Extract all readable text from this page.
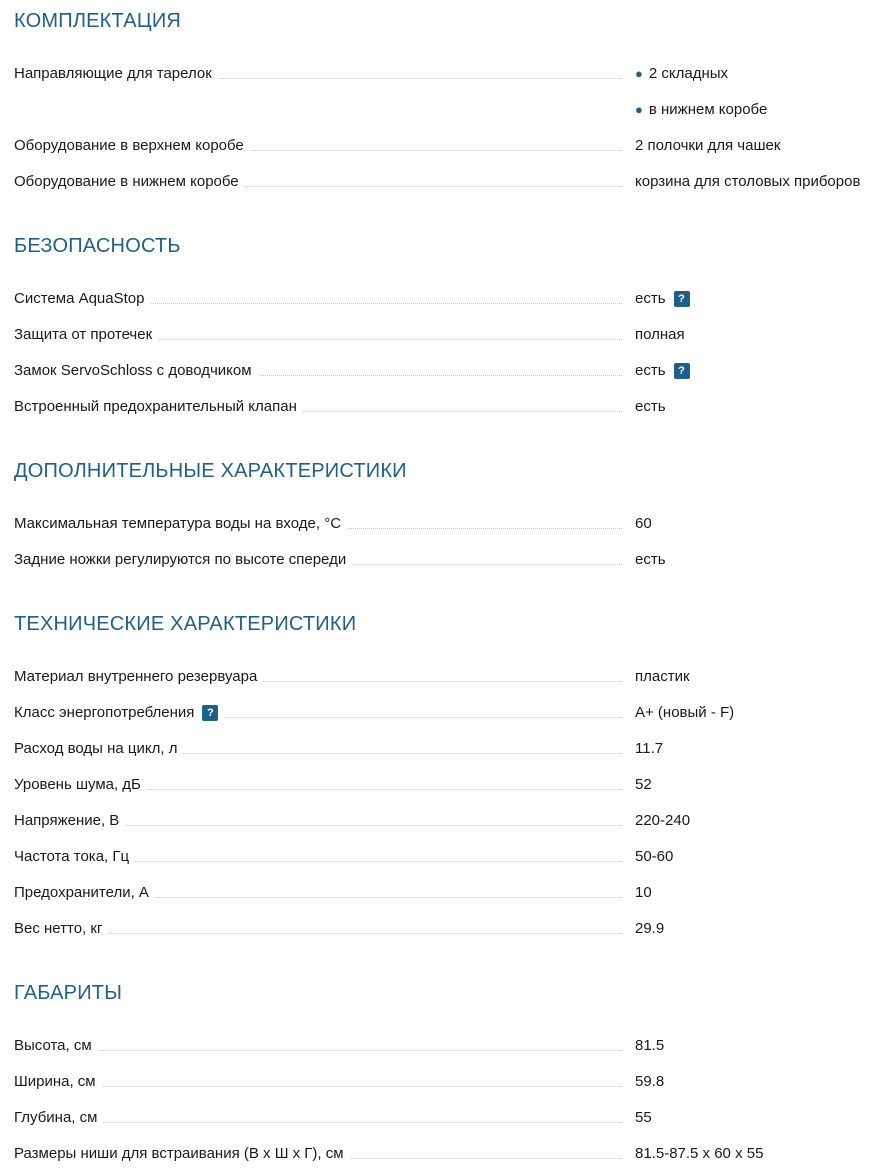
КОМПЛЕКТАЦИЯ
Направляющие для тарелок	● 2 складных
● в нижнем коробе
Оборудование в верхнем коробе	2 полочки для чашек
Оборудование в нижнем коробе	корзина для столовых приборов
БЕЗОПАСНОСТЬ
Система AquaStop	есть ?
Защита от протечек	полная
Замок ServoSchloss с доводчиком	есть ?
Встроенный предохранительный клапан	есть
ДОПОЛНИТЕЛЬНЫЕ ХАРАКТЕРИСТИКИ
Максимальная температура воды на входе, °C	60
Задние ножки регулируются по высоте спереди	есть
ТЕХНИЧЕСКИЕ ХАРАКТЕРИСТИКИ
Материал внутреннего резервуара	пластик
Класс энергопотребления ?	A+ (новый - F)
Расход воды на цикл, л	11.7
Уровень шума, дБ	52
Напряжение, В	220-240
Частота тока, Гц	50-60
Предохранители, А	10
Вес нетто, кг	29.9
ГАБАРИТЫ
Высота, см	81.5
Ширина, см	59.8
Глубина, см	55
Размеры ниши для встраивания (В x Ш x Г), см	81.5-87.5 x 60 x 55
